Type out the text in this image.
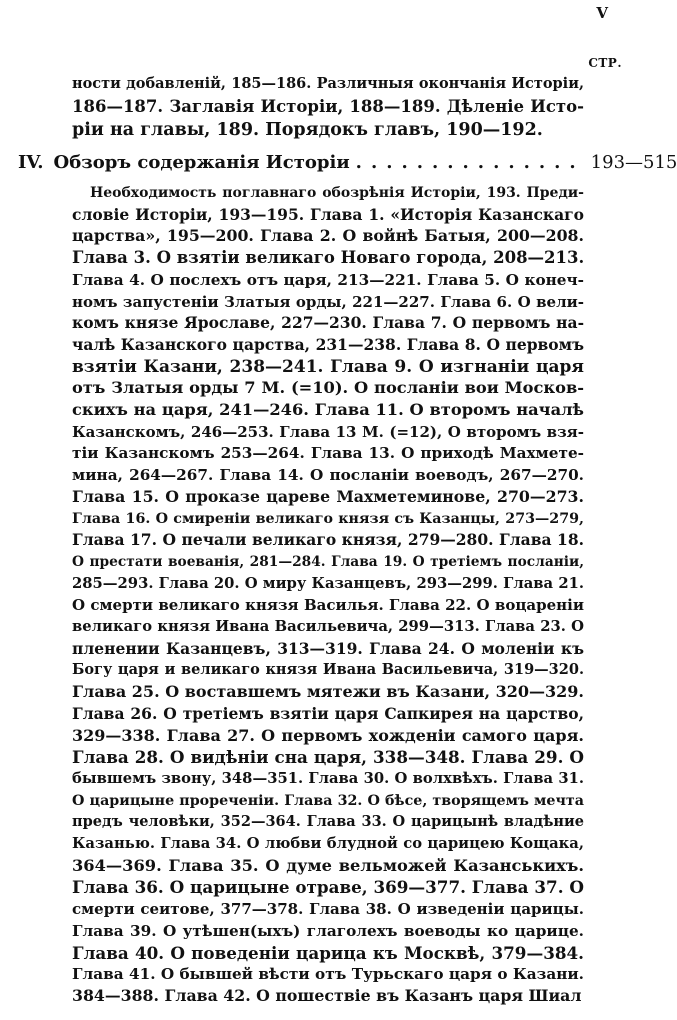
V
СТР.
ности добавленій, 185—186. Различныя окончанія Исторіи,
186—187. Заглавія Исторіи, 188—189. Дѣленіе Исто-
ріи на главы, 189. Порядокъ главъ, 190—192.
IV. Обзоръ содержанія Исторіи ............... 193—515
Необходимость поглавнаго обозрѣнія Исторіи, 193. Преди-
словіе Исторіи, 193—195. Глава 1. «Исторія Казанскаго
царства», 195—200. Глава 2. О войнѣ Батыя, 200—208.
Глава 3. О взятіи великаго Новаго города, 208—213.
Глава 4. О послехъ отъ царя, 213—221. Глава 5. О конеч-
номъ запустеніи Златыя орды, 221—227. Глава 6. О вели-
комъ князе Ярославе, 227—230. Глава 7. О первомъ на-
чалѣ Казанского царства, 231—238. Глава 8. О первомъ
взятіи Казани, 238—241. Глава 9. О изгнаніи царя
отъ Златыя орды 7 М. (=10). О посланіи вои Москов-
скихъ на царя, 241—246. Глава 11. О второмъ началѣ
Казанскомъ, 246—253. Глава 13 М. (=12), О второмъ взя-
тіи Казанскомъ 253—264. Глава 13. О приходѣ Махмете-
мина, 264—267. Глава 14. О посланіи воеводъ, 267—270.
Глава 15. О проказе цареве Махметеминове, 270—273.
Глава 16. О смиреніи великаго князя съ Казанцы, 273—279,
Глава 17. О печали великаго князя, 279—280. Глава 18.
О престати воеванія, 281—284. Глава 19. О третіемъ посланіи,
285—293. Глава 20. О миру Казанцевъ, 293—299. Глава 21.
О смерти великаго князя Василья. Глава 22. О воцареніи
великаго князя Ивана Васильевича, 299—313. Глава 23. О
пленении Казанцевъ, 313—319. Глава 24. О моленіи къ
Богу царя и великаго князя Ивана Васильевича, 319—320.
Глава 25. О воставшемъ мятежи въ Казани, 320—329.
Глава 26. О третіемъ взятіи царя Сапкирея на царство,
329—338. Глава 27. О первомъ хожденіи самого царя.
Глава 28. О видѣніи сна царя, 338—348. Глава 29. О
бывшемъ звону, 348—351. Глава 30. О волхвѣхъ. Глава 31.
О царицыне прореченіи. Глава 32. О бѣсе, творящемъ мечта
предъ человѣки, 352—364. Глава 33. О царицынѣ владѣние
Казанью. Глава 34. О любви блудной со царицею Кощака,
364—369. Глава 35. О думе вельможей Казанськихъ.
Глава 36. О царицыне отраве, 369—377. Глава 37. О
смерти сеитове, 377—378. Глава 38. О изведеніи царицы.
Глава 39. О утѣшен(ыхъ) глаголехъ воеводы ко царице.
Глава 40. О поведеніи царица къ Москвѣ, 379—384.
Глава 41. О бывшей вѣсти отъ Турьскаго царя о Казани.
384—388. Глава 42. О пошествіе въ Казанъ царя Шиал
